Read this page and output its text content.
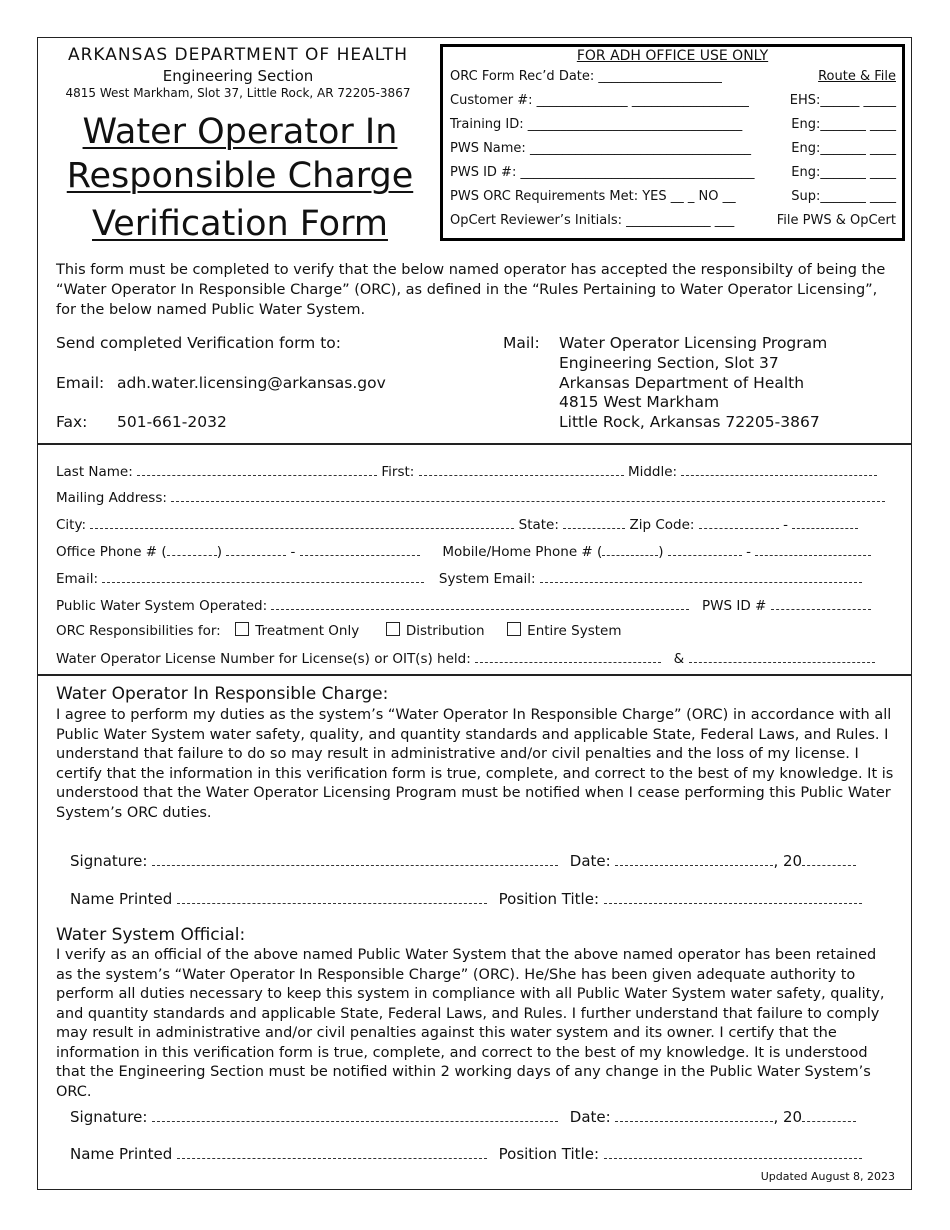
ARKANSAS DEPARTMENT OF HEALTH
Engineering Section
4815 West Markham, Slot 37, Little Rock, AR 72205-3867
Water Operator In
Responsible Charge
Verification Form
FOR ADH OFFICE USE ONLY
ORC Form Rec’d Date: ___________________	Route & File
Customer #: ______________ __________________	EHS:______ _____
Training ID: _________________________________	Eng:_______ ____
PWS Name: __________________________________	Eng:_______ ____
PWS ID #: ____________________________________	Eng:_______ ____
PWS ORC Requirements Met: YES __ _ NO __	Sup:_______ ____
OpCert Reviewer’s Initials: _____________ ___	File PWS & OpCert
This form must be completed to verify that the below named operator has accepted the responsibilty of being the “Water Operator In Responsible Charge” (ORC), as defined in the “Rules Pertaining to Water Operator Licensing”, for the below named Public Water System.
Send completed Verification form to:
Email: adh.water.licensing@arkansas.gov
Fax: 501-661-2032
Mail: Water Operator Licensing Program
Engineering Section, Slot 37
Arkansas Department of Health
4815 West Markham
Little Rock, Arkansas 72205-3867
Last Name:	First:	Middle:
Mailing Address:
City:	State:	Zip Code:	-
Office Phone # (	)	-	Mobile/Home Phone # (	)	-
Email:	System Email:
Public Water System Operated:	PWS ID #
ORC Responsibilities for:	Treatment Only	Distribution	Entire System
Water Operator License Number for License(s) or OIT(s) held:	&
Water Operator In Responsible Charge:
I agree to perform my duties as the system’s “Water Operator In Responsible Charge” (ORC) in accordance with all Public Water System water safety, quality, and quantity standards and applicable State, Federal Laws, and Rules. I understand that failure to do so may result in administrative and/or civil penalties and the loss of my license. I certify that the information in this verification form is true, complete, and correct to the best of my knowledge. It is understood that the Water Operator Licensing Program must be notified when I cease performing this Public Water System’s ORC duties.
Signature:	Date:	, 20
Name Printed	Position Title:
Water System Official:
I verify as an official of the above named Public Water System that the above named operator has been retained as the system’s “Water Operator In Responsible Charge” (ORC). He/She has been given adequate authority to perform all duties necessary to keep this system in compliance with all Public Water System water safety, quality, and quantity standards and applicable State, Federal Laws, and Rules. I further understand that failure to comply may result in administrative and/or civil penalties against this water system and its owner. I certify that the information in this verification form is true, complete, and correct to the best of my knowledge. It is understood that the Engineering Section must be notified within 2 working days of any change in the Public Water System’s ORC.
Signature:	Date:	, 20
Name Printed	Position Title:
Updated August 8, 2023
